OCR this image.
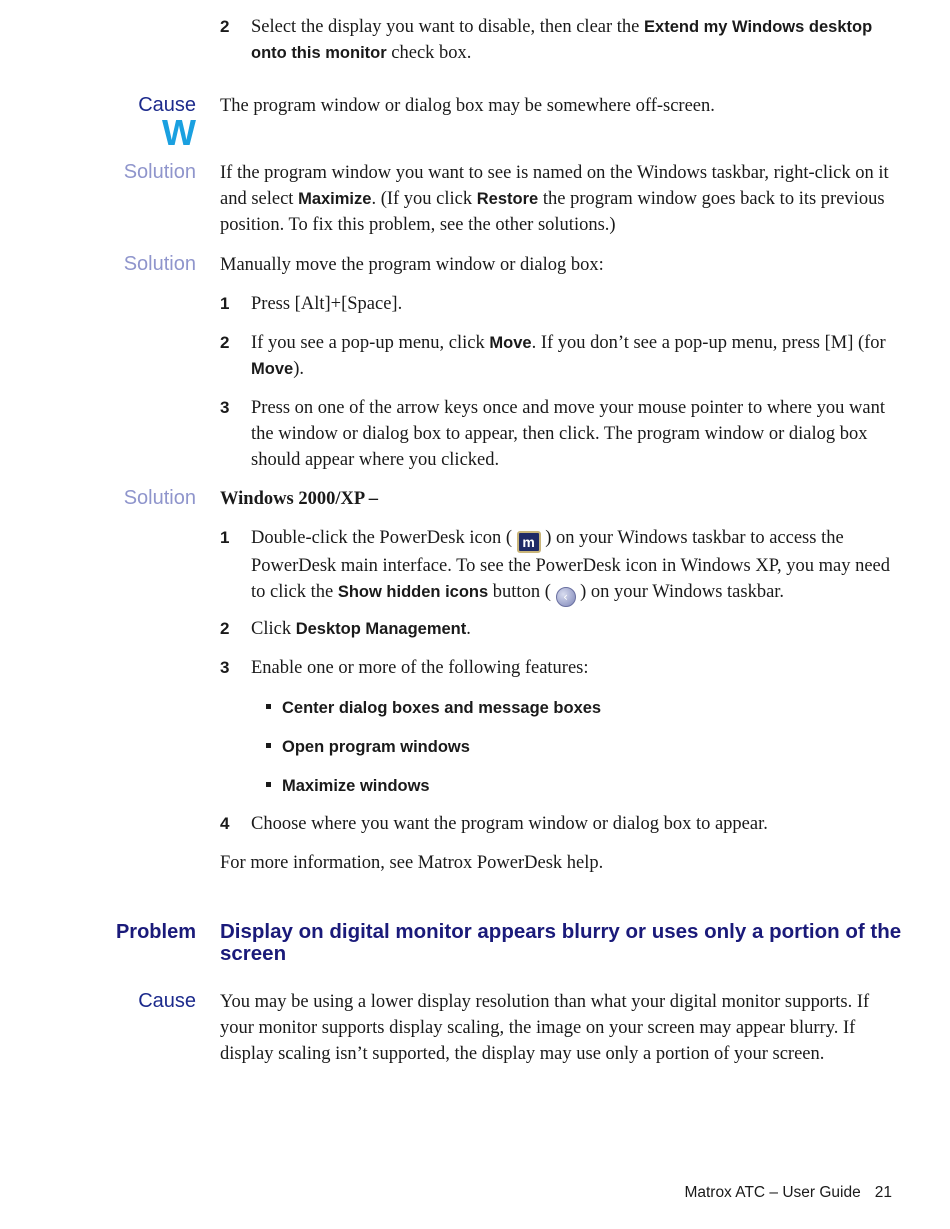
2 Select the display you want to disable, then clear the Extend my Windows desktop onto this monitor check box.
Cause
W
The program window or dialog box may be somewhere off-screen.
Solution If the program window you want to see is named on the Windows taskbar, right-click on it and select Maximize. (If you click Restore the program window goes back to its previous position. To fix this problem, see the other solutions.)
Solution Manually move the program window or dialog box:
1 Press [Alt]+[Space].
2 If you see a pop-up menu, click Move. If you don’t see a pop-up menu, press [M] (for Move).
3 Press on one of the arrow keys once and move your mouse pointer to where you want the window or dialog box to appear, then click. The program window or dialog box should appear where you clicked.
Solution Windows 2000/XP –
1 Double-click the PowerDesk icon ( m ) on your Windows taskbar to access the PowerDesk main interface. To see the PowerDesk icon in Windows XP, you may need to click the Show hidden icons button ( ‹ ) on your Windows taskbar.
2 Click Desktop Management.
3 Enable one or more of the following features:
Center dialog boxes and message boxes
Open program windows
Maximize windows
4 Choose where you want the program window or dialog box to appear.
For more information, see Matrox PowerDesk help.
Problem Display on digital monitor appears blurry or uses only a portion of the screen
Cause You may be using a lower display resolution than what your digital monitor supports. If your monitor supports display scaling, the image on your screen may appear blurry. If display scaling isn’t supported, the display may use only a portion of your screen.
Matrox ATC – User Guide 21
